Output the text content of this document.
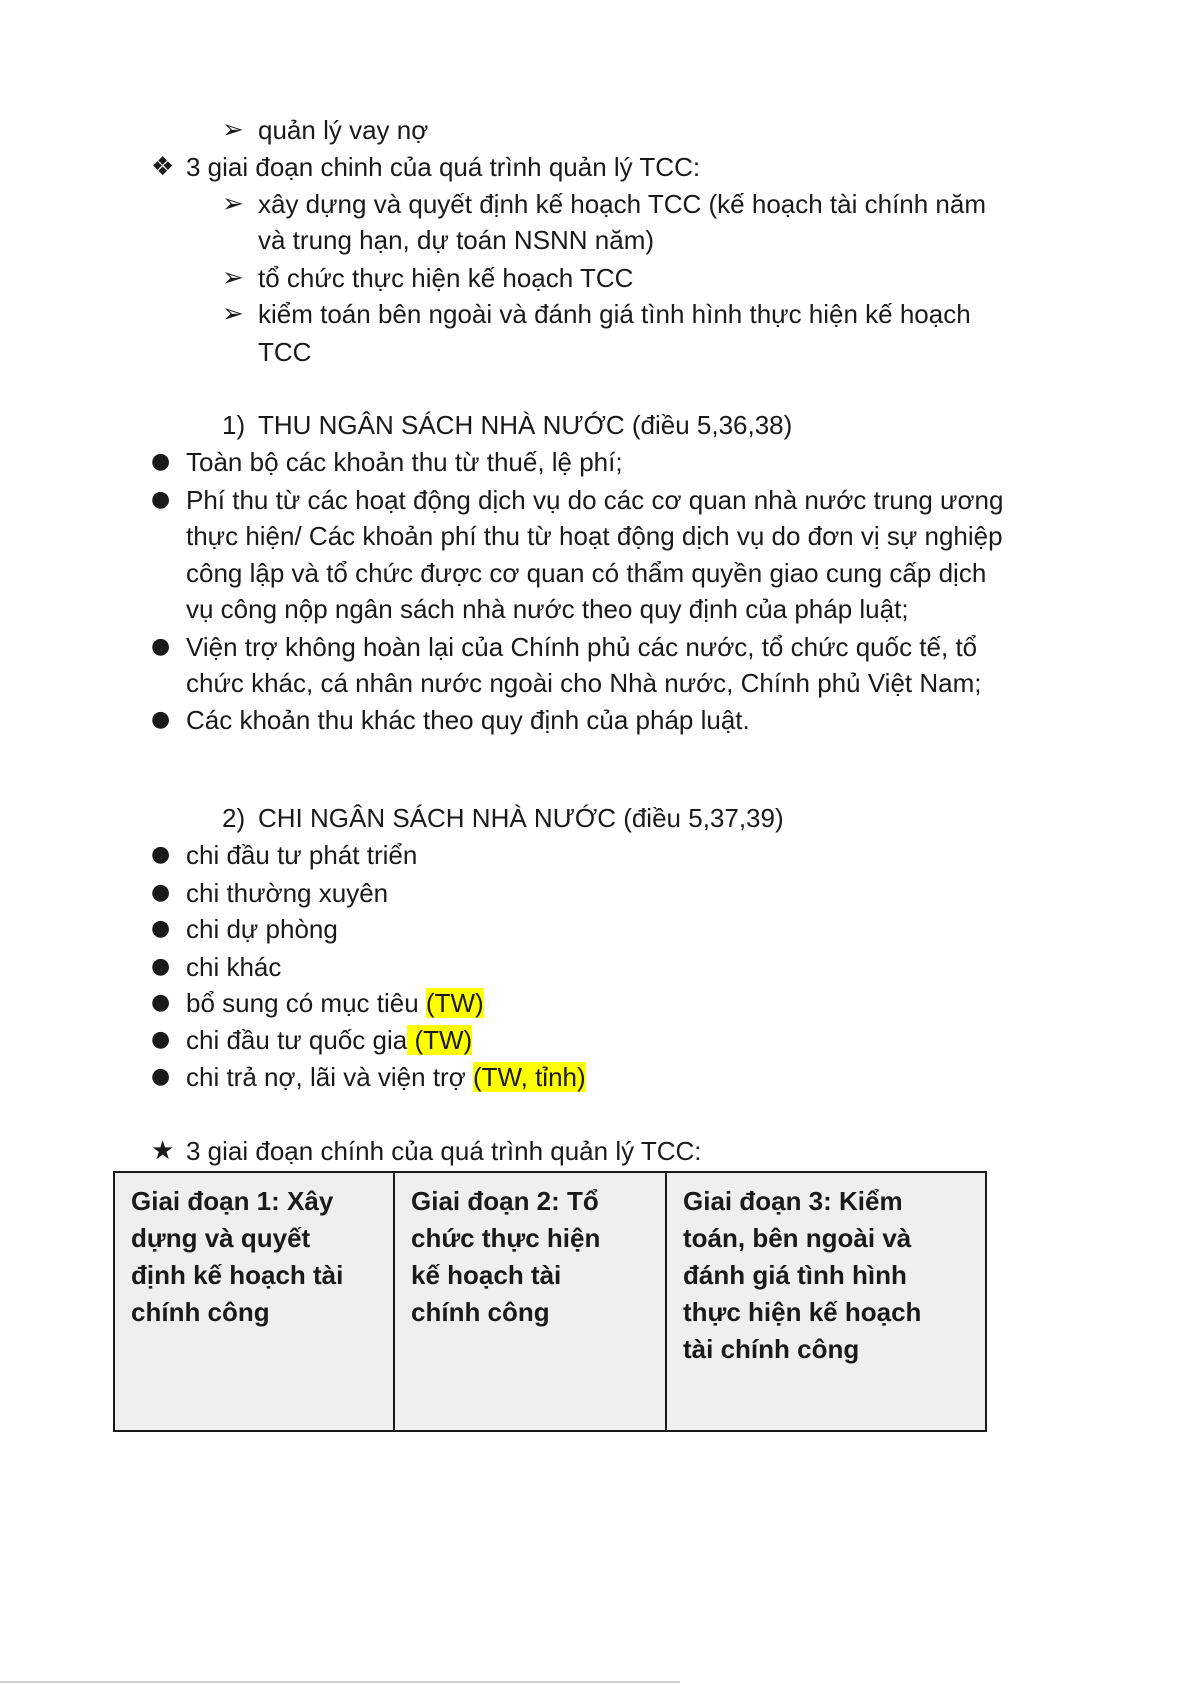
➢ quản lý vay nợ
❖ 3 giai đoạn chinh của quá trình quản lý TCC:
➢ xây dựng và quyết định kế hoạch TCC (kế hoạch tài chính năm
và trung hạn, dự toán NSNN năm)
➢ tổ chức thực hiện kế hoạch TCC
➢ kiểm toán bên ngoài và đánh giá tình hình thực hiện kế hoạch
TCC
1) THU NGÂN SÁCH NHÀ NƯỚC (điều 5,36,38)
● Toàn bộ các khoản thu từ thuế, lệ phí;
● Phí thu từ các hoạt động dịch vụ do các cơ quan nhà nước trung ương
thực hiện/ Các khoản phí thu từ hoạt động dịch vụ do đơn vị sự nghiệp
công lập và tổ chức được cơ quan có thẩm quyền giao cung cấp dịch
vụ công nộp ngân sách nhà nước theo quy định của pháp luật;
● Viện trợ không hoàn lại của Chính phủ các nước, tổ chức quốc tế, tổ
chức khác, cá nhân nước ngoài cho Nhà nước, Chính phủ Việt Nam;
● Các khoản thu khác theo quy định của pháp luật.
2) CHI NGÂN SÁCH NHÀ NƯỚC (điều 5,37,39)
● chi đầu tư phát triển
● chi thường xuyên
● chi dự phòng
● chi khác
● bổ sung có mục tiêu (TW)
● chi đầu tư quốc gia (TW)
● chi trả nợ, lãi và viện trợ (TW, tỉnh)
★ 3 giai đoạn chính của quá trình quản lý TCC:
Giai đoạn 1: Xây
dựng và quyết
định kế hoạch tài
chính công

Giai đoạn 2: Tổ
chức thực hiện
kế hoạch tài
chính công

Giai đoạn 3: Kiểm
toán, bên ngoài và
đánh giá tình hình
thực hiện kế hoạch
tài chính công
